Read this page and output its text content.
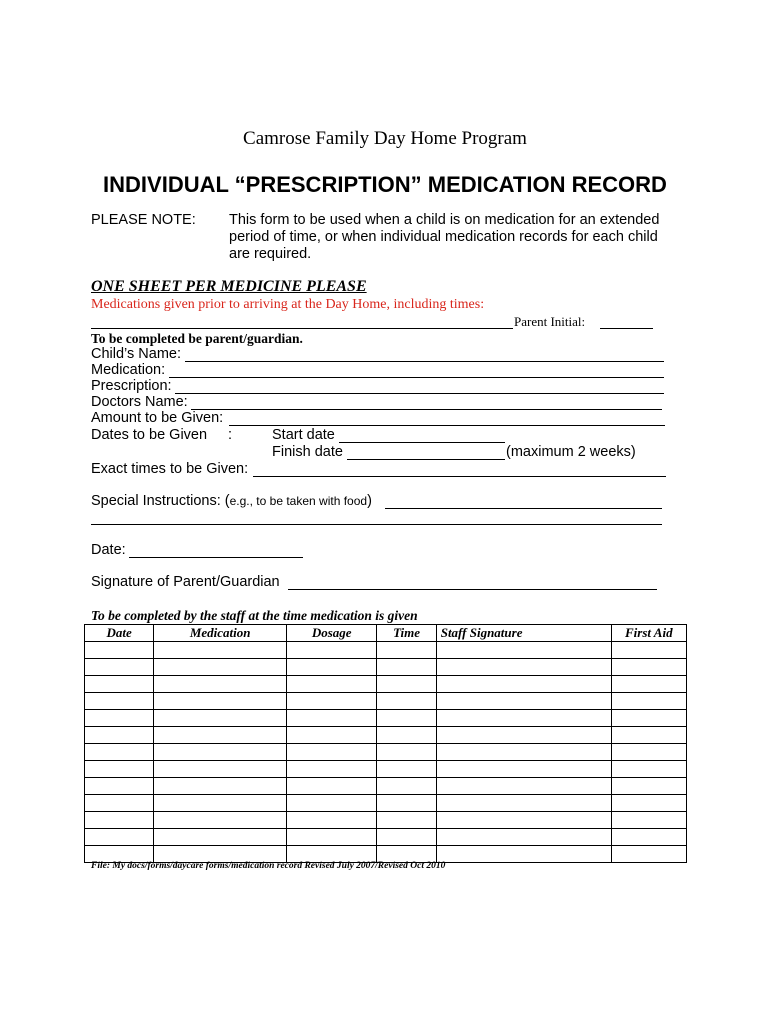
Camrose Family Day Home Program
INDIVIDUAL “PRESCRIPTION” MEDICATION RECORD
PLEASE NOTE: This form to be used when a child is on medication for an extended
period of time, or when individual medication records for each child
are required.
ONE SHEET PER MEDICINE PLEASE
Medications given prior to arriving at the Day Home, including times:
Parent Initial:
To be completed be parent/guardian.
Child’s Name:
Medication:
Prescription:
Doctors Name:
Amount to be Given:
Dates to be Given :	Start date
Finish date	(maximum 2 weeks)
Exact times to be Given:
Special Instructions: (e.g., to be taken with food)
Date:
Signature of Parent/Guardian
To be completed by the staff at the time medication is given
Date	Medication	Dosage	Time	Staff Signature	First Aid

File: My docs/forms/daycare forms/medication record Revised July 2007/Revised Oct 2010
